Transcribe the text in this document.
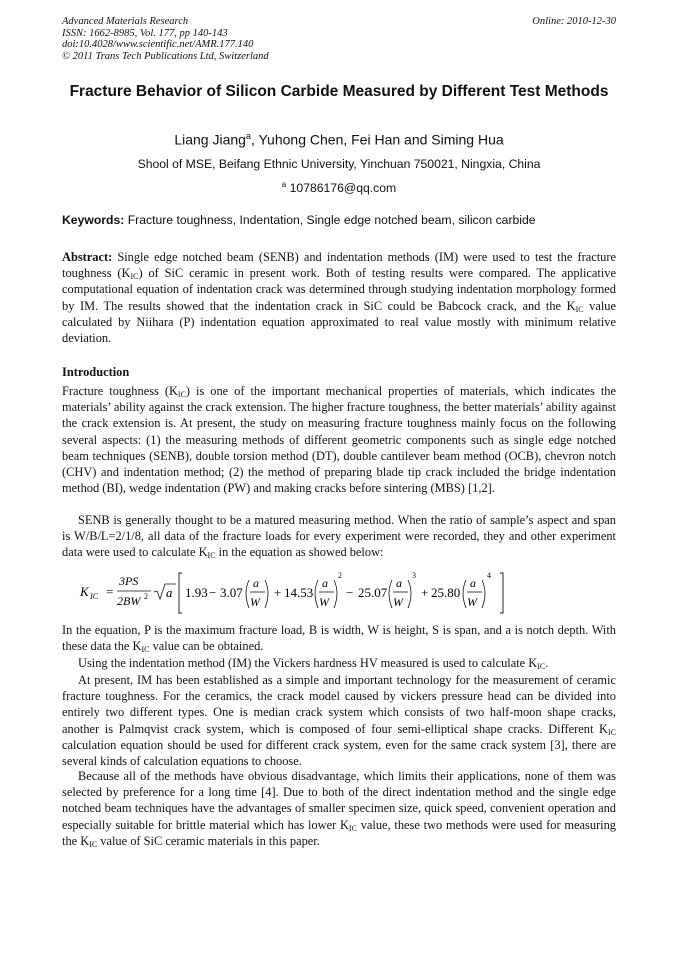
Advanced Materials Research
ISSN: 1662-8985, Vol. 177, pp 140-143
doi:10.4028/www.scientific.net/AMR.177.140
© 2011 Trans Tech Publications Ltd, Switzerland
Online: 2010-12-30
Fracture Behavior of Silicon Carbide Measured by Different Test Methods
Liang Jiang$^a$, Yuhong Chen, Fei Han and Siming Hua
Shool of MSE, Beifang Ethnic University, Yinchuan 750021, Ningxia, China
$^a$ 10786176@qq.com
Keywords: Fracture toughness, Indentation, Single edge notched beam, silicon carbide
Abstract: Single edge notched beam (SENB) and indentation methods (IM) were used to test the fracture toughness $(K_{IC})$ of SiC ceramic in present work. Both of testing results were compared. The applicative computational equation of indentation crack was determined through studying indentation morphology formed by IM. The results showed that the indentation crack in SiC could be Babcock crack, and the $K_{IC}$ value calculated by Niihara (P) indentation equation approximated to real value mostly with minimum relative deviation.
Introduction
Fracture toughness $(K_{IC})$ is one of the important mechanical properties of materials, which indicates the materials’ ability against the crack extension. The higher fracture toughness, the better materials’ ability against the crack extension is. At present, the study on measuring fracture toughness mainly focus on the following several aspects: (1) the measuring methods of different geometric components such as single edge notched beam techniques (SENB), double torsion method (DT), double cantilever beam method (OCB), chevron notch (CHV) and indentation method; (2) the method of preparing blade tip crack included the bridge indentation method (BI), wedge indentation (PW) and making cracks before sintering (MBS) [1,2].
SENB is generally thought to be a matured measuring method. When the ratio of sample’s aspect and span is W/B/L=2/1/8, all data of the fracture loads for every experiment were recorded, they and other experiment data were used to calculate $K_{IC}$ in the equation as showed below:
K IC =
3PS
2BW 2 a 1.93 − 3.07
a
W
+ 14.53
a
W
2
− 25.07
a
W
3
+ 25.80
a
W
4
In the equation, P is the maximum fracture load, B is width, W is height, S is span, and a is notch depth. With these data the $K_{IC}$ value can be obtained.
Using the indentation method (IM) the Vickers hardness HV measured is used to calculate $K_{IC}$.
At present, IM has been established as a simple and important technology for the measurement of ceramic fracture toughness. For the ceramics, the crack model caused by vickers pressure head can be divided into entirely two different types. One is median crack system which consists of two half-moon shape cracks, another is Palmqvist crack system, which is composed of four semi-elliptical shape cracks. Different $K_{IC}$ calculation equation should be used for different crack system, even for the same crack system [3], there are several kinds of calculation equations to choose.
Because all of the methods have obvious disadvantage, which limits their applications, none of them was selected by preference for a long time [4]. Due to both of the direct indentation method and the single edge notched beam techniques have the advantages of smaller specimen size, quick speed, convenient operation and especially suitable for brittle material which has lower $K_{IC}$ value, these two methods were used for measuring the $K_{IC}$ value of SiC ceramic materials in this paper.
